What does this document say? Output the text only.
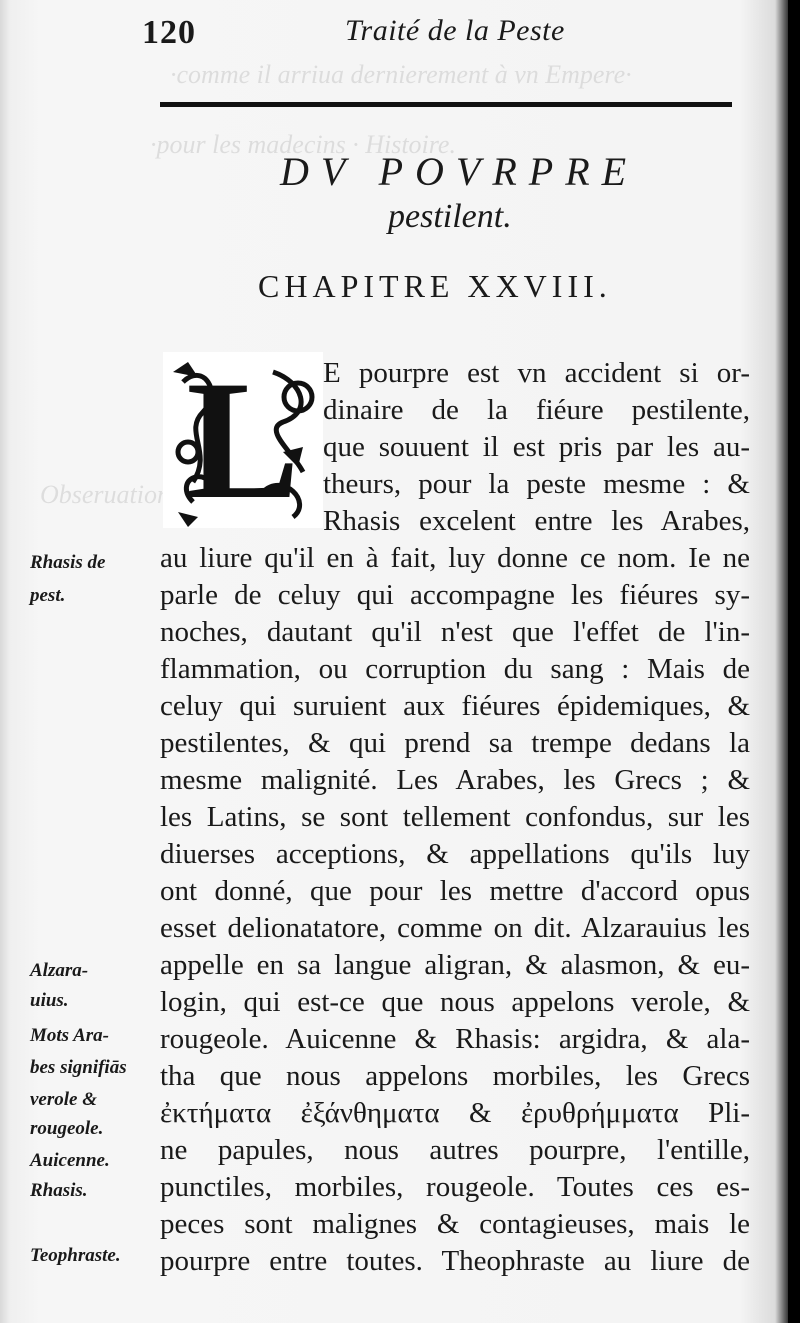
·comme il arriua dernierement à vn Empere·
·pour les madecins · Histoire.
Obseruation
120	Traité de la Peste
DV POVRPRE
pestilent.
CHAPITRE XXVIII.
L E pourpre est vn accident si or-
dinaire de la fiéure pestilente,
que souuent il est pris par les au-
theurs, pour la peste mesme : &
Rhasis excelent entre les Arabes,
au liure qu'il en à fait, luy donne ce nom. Ie ne
parle de celuy qui accompagne les fiéures sy-
noches, dautant qu'il n'est que l'effet de l'in-
flammation, ou corruption du sang : Mais de
celuy qui suruient aux fiéures épidemiques, &
pestilentes, & qui prend sa trempe dedans la
mesme malignité. Les Arabes, les Grecs ; &
les Latins, se sont tellement confondus, sur les
diuerses acceptions, & appellations qu'ils luy
ont donné, que pour les mettre d'accord opus
esset delionatatore, comme on dit. Alzarauius les
appelle en sa langue aligran, & alasmon, & eu-
login, qui est-ce que nous appelons verole, &
rougeole. Auicenne & Rhasis: argidra, & ala-
tha que nous appelons morbiles, les Grecs
ἐκτήματα ἐξάνθηματα & ἐρυθρήμματα Pli-
ne papules, nous autres pourpre, l'entille,
punctiles, morbiles, rougeole. Toutes ces es-
peces sont malignes & contagieuses, mais le
pourpre entre toutes. Theophraste au liure de
Rhasis de
pest.
Alzara-
uius.
Mots Ara-
bes signifiās
verole &
rougeole.
Auicenne.
Rhasis.
Teophraste.
